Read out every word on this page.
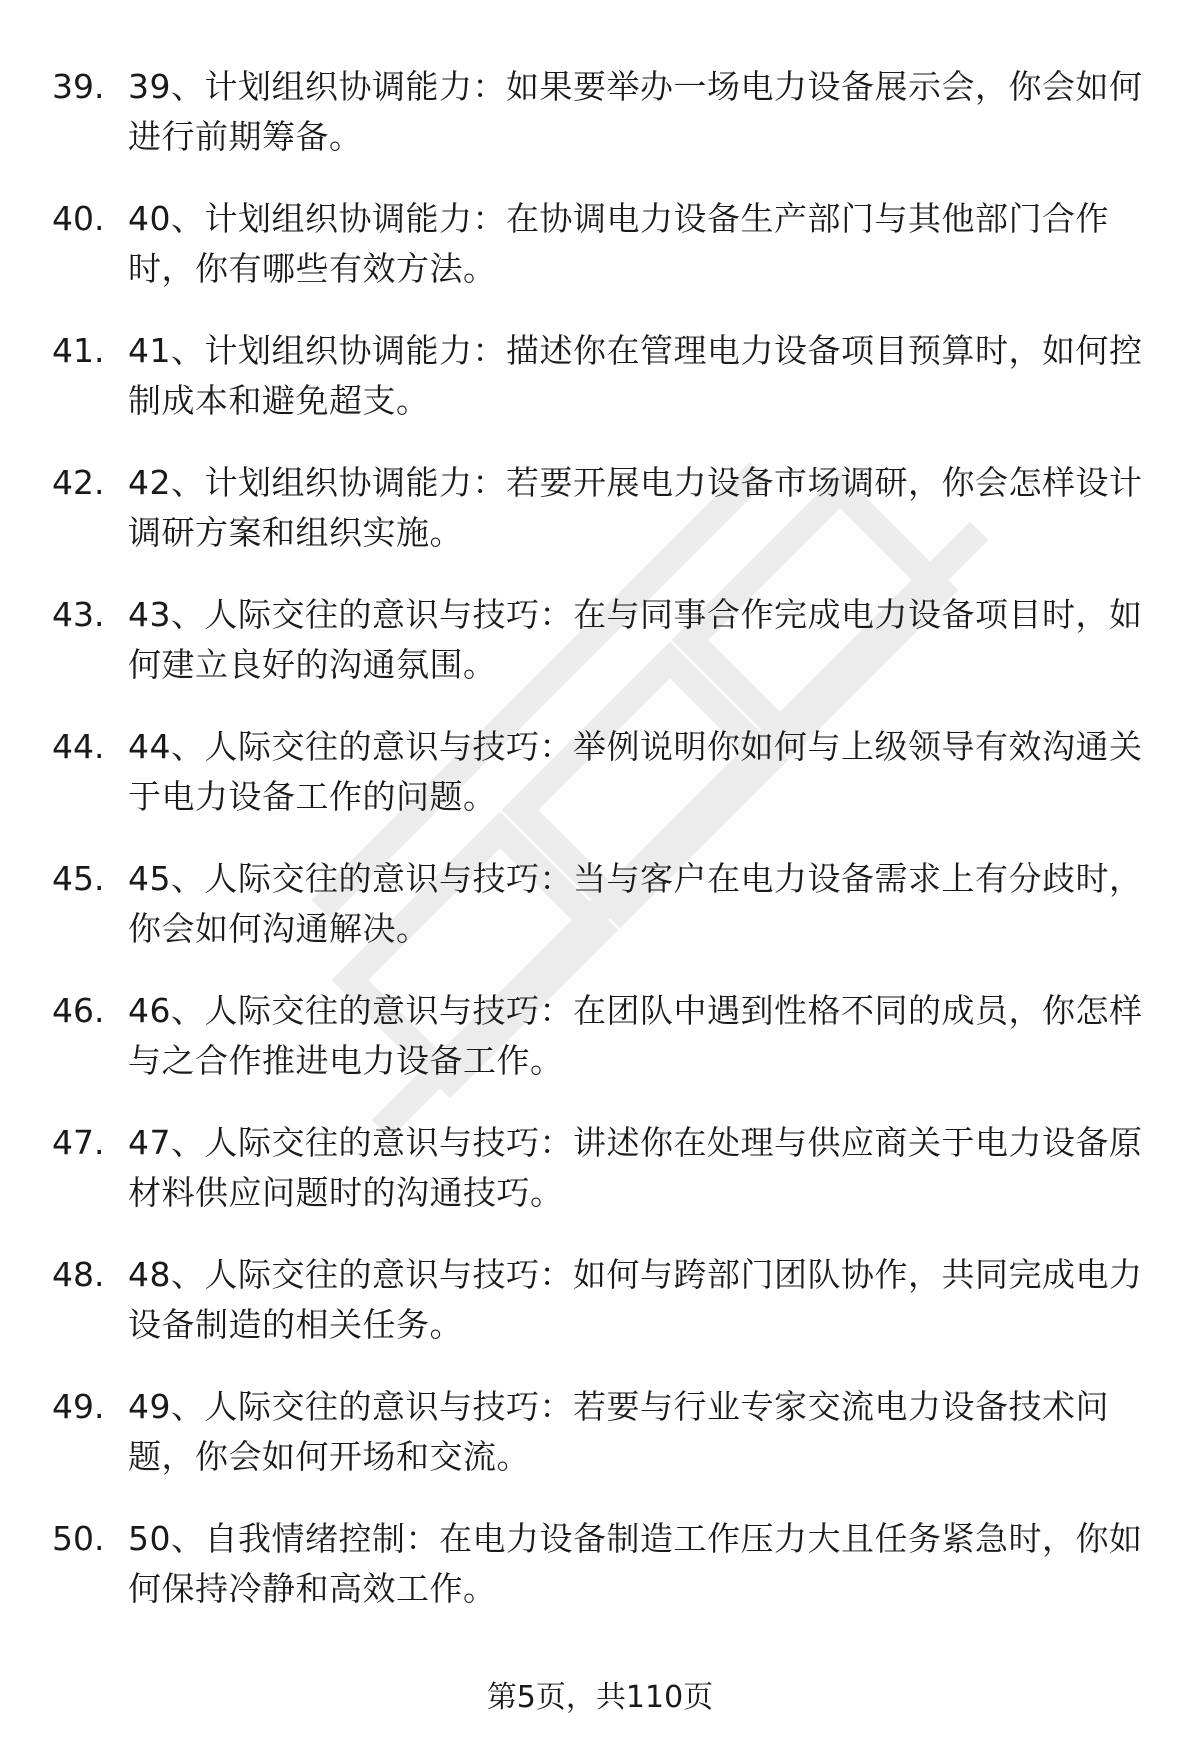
39. 39、计划组织协调能力：如果要举办一场电力设备展示会，你会如何进行前期筹备。
40. 40、计划组织协调能力：在协调电力设备生产部门与其他部门合作时，你有哪些有效方法。
41. 41、计划组织协调能力：描述你在管理电力设备项目预算时，如何控制成本和避免超支。
42. 42、计划组织协调能力：若要开展电力设备市场调研，你会怎样设计调研方案和组织实施。
43. 43、人际交往的意识与技巧：在与同事合作完成电力设备项目时，如何建立良好的沟通氛围。
44. 44、人际交往的意识与技巧：举例说明你如何与上级领导有效沟通关于电力设备工作的问题。
45. 45、人际交往的意识与技巧：当与客户在电力设备需求上有分歧时，你会如何沟通解决。
46. 46、人际交往的意识与技巧：在团队中遇到性格不同的成员，你怎样与之合作推进电力设备工作。
47. 47、人际交往的意识与技巧：讲述你在处理与供应商关于电力设备原材料供应问题时的沟通技巧。
48. 48、人际交往的意识与技巧：如何与跨部门团队协作，共同完成电力设备制造的相关任务。
49. 49、人际交往的意识与技巧：若要与行业专家交流电力设备技术问题，你会如何开场和交流。
50. 50、自我情绪控制：在电力设备制造工作压力大且任务紧急时，你如何保持冷静和高效工作。
第5页，共110页
